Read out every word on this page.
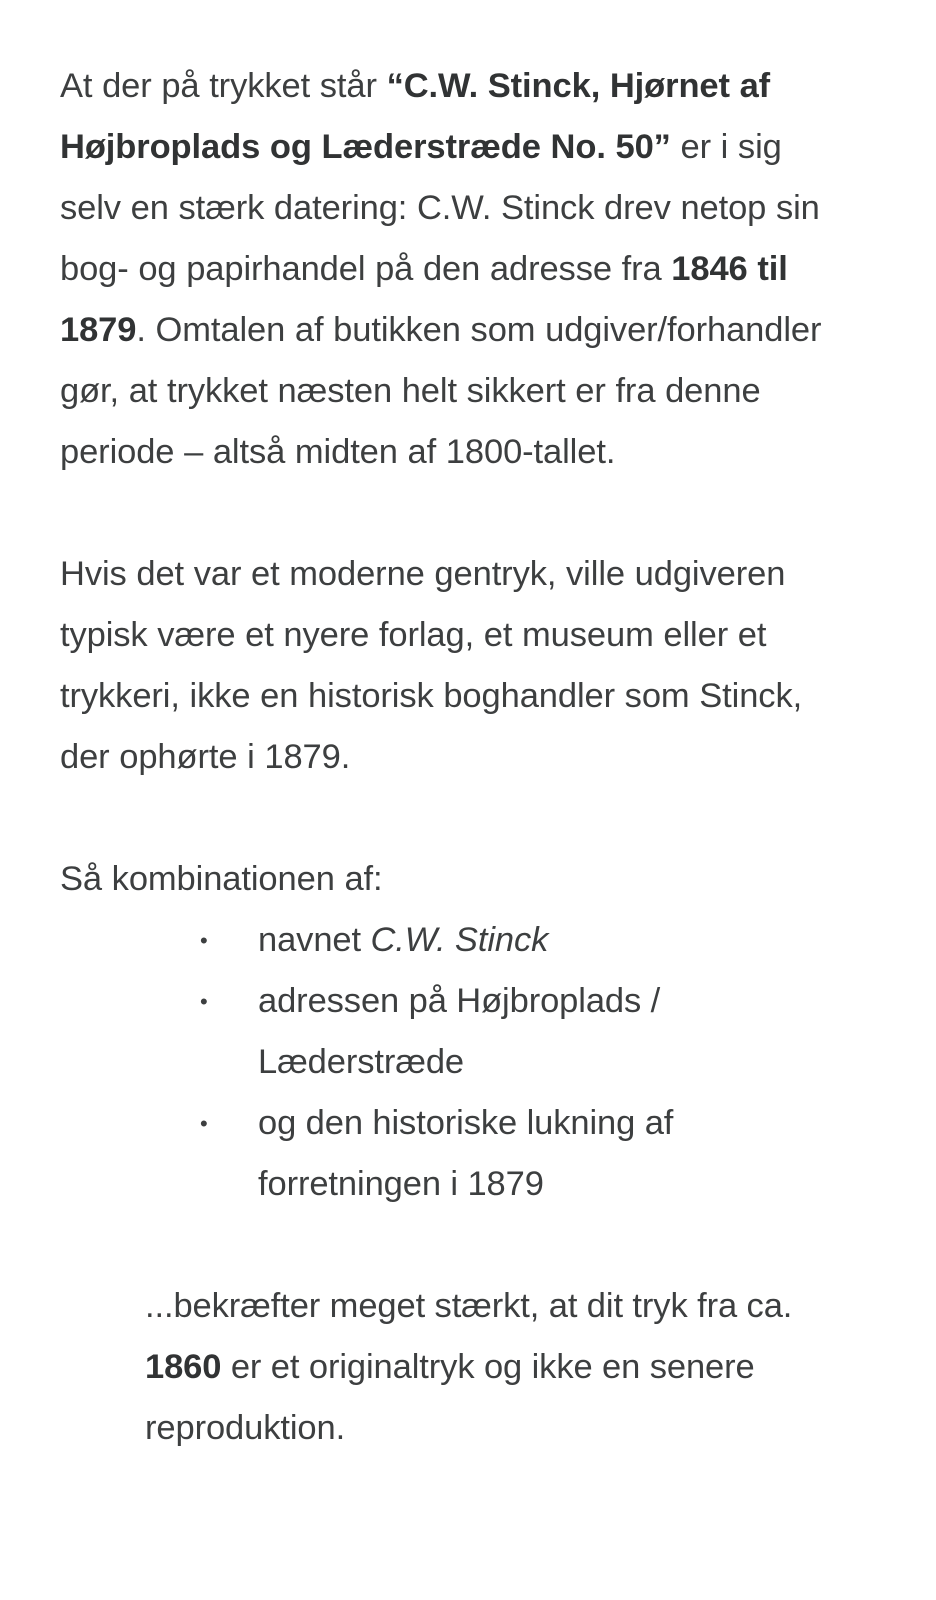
At der på trykket står “C.W. Stinck, Hjørnet af Højbroplads og Læderstræde No. 50” er i sig selv en stærk datering: C.W. Stinck drev netop sin bog- og papirhandel på den adresse fra 1846 til 1879. Omtalen af butikken som udgiver/forhandler gør, at trykket næsten helt sikkert er fra denne periode – altså midten af 1800-tallet.

Hvis det var et moderne gentryk, ville udgiveren typisk være et nyere forlag, et museum eller et trykkeri, ikke en historisk boghandler som Stinck, der ophørte i 1879.

Så kombinationen af:

•	navnet C.W. Stinck
•	adressen på Højbroplads / Læderstræde
•	og den historiske lukning af forretningen i 1879

...bekræfter meget stærkt, at dit tryk fra ca. 1860 er et originaltryk og ikke en senere reproduktion.
